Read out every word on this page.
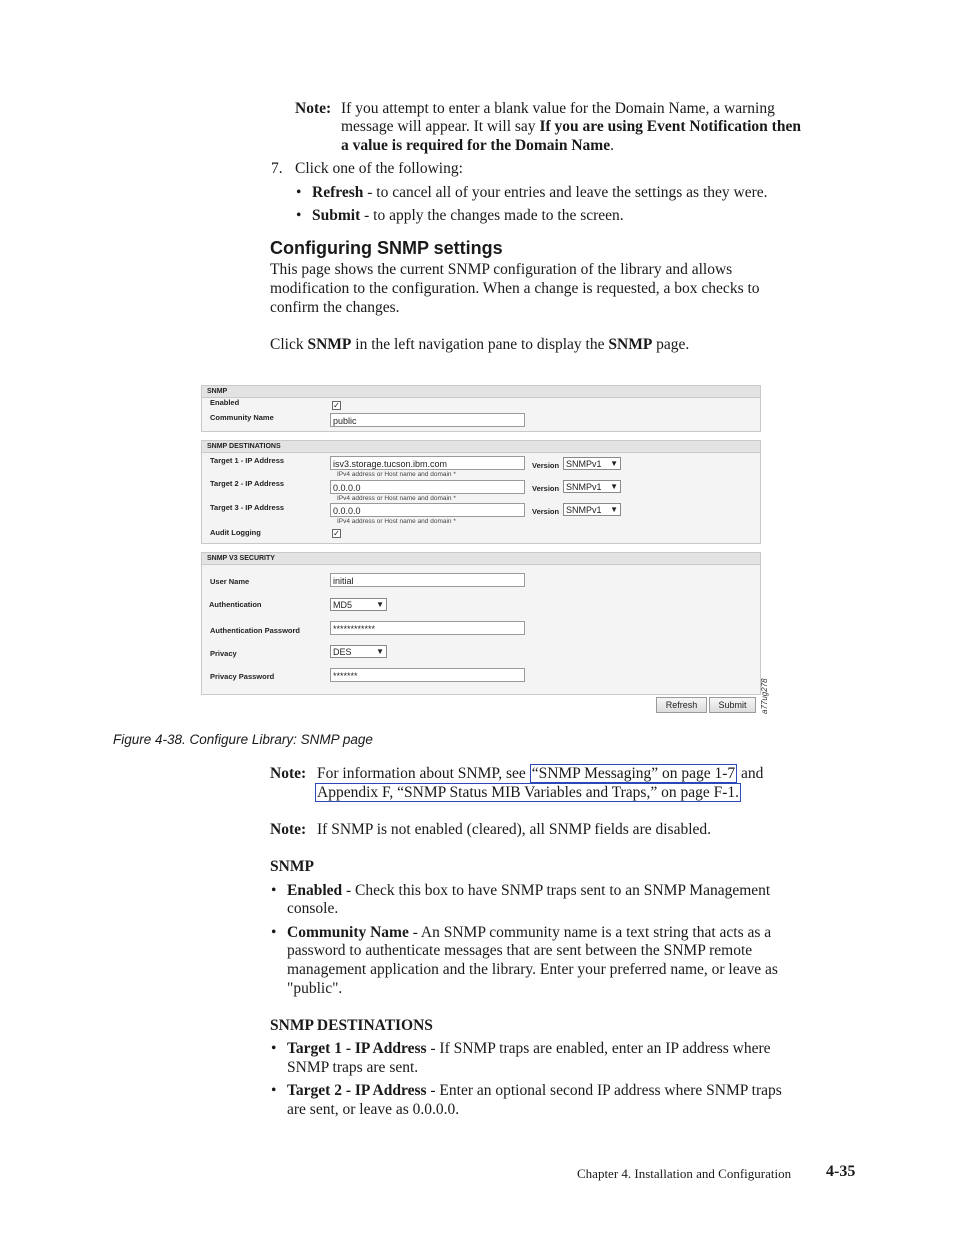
Note: If you attempt to enter a blank value for the Domain Name, a warning
message will appear. It will say If you are using Event Notification then
a value is required for the Domain Name.
7. Click one of the following:
• Refresh - to cancel all of your entries and leave the settings as they were.
• Submit - to apply the changes made to the screen.
Configuring SNMP settings
This page shows the current SNMP configuration of the library and allows
modification to the configuration. When a change is requested, a box checks to
confirm the changes.
Click SNMP in the left navigation pane to display the SNMP page.
SNMP
Enabled	✓
Community Name	public
SNMP DESTINATIONS
Target 1 - IP Address	isv3.storage.tucson.ibm.com
IPv4 address or Host name and domain *
Version SNMPv1 ▼
Target 2 - IP Address	0.0.0.0
IPv4 address or Host name and domain *
Version SNMPv1 ▼
Target 3 - IP Address	0.0.0.0
IPv4 address or Host name and domain *
Version SNMPv1 ▼
Audit Logging	✓
SNMP V3 SECURITY
User Name	initial
Authentication	MD5	▼
Authentication Password	************
Privacy	DES	▼
Privacy Password	*******
Refresh	Submit	a77ug278
Figure 4-38. Configure Library: SNMP page
Note: For information about SNMP, see “SNMP Messaging” on page 1-7 and
Appendix F, “SNMP Status MIB Variables and Traps,” on page F-1.
Note: If SNMP is not enabled (cleared), all SNMP fields are disabled.
SNMP
• Enabled - Check this box to have SNMP traps sent to an SNMP Management
console.
• Community Name - An SNMP community name is a text string that acts as a
password to authenticate messages that are sent between the SNMP remote
management application and the library. Enter your preferred name, or leave as
"public".
SNMP DESTINATIONS
• Target 1 - IP Address - If SNMP traps are enabled, enter an IP address where
SNMP traps are sent.
• Target 2 - IP Address - Enter an optional second IP address where SNMP traps
are sent, or leave as 0.0.0.0.
Chapter 4. Installation and Configuration 4-35
